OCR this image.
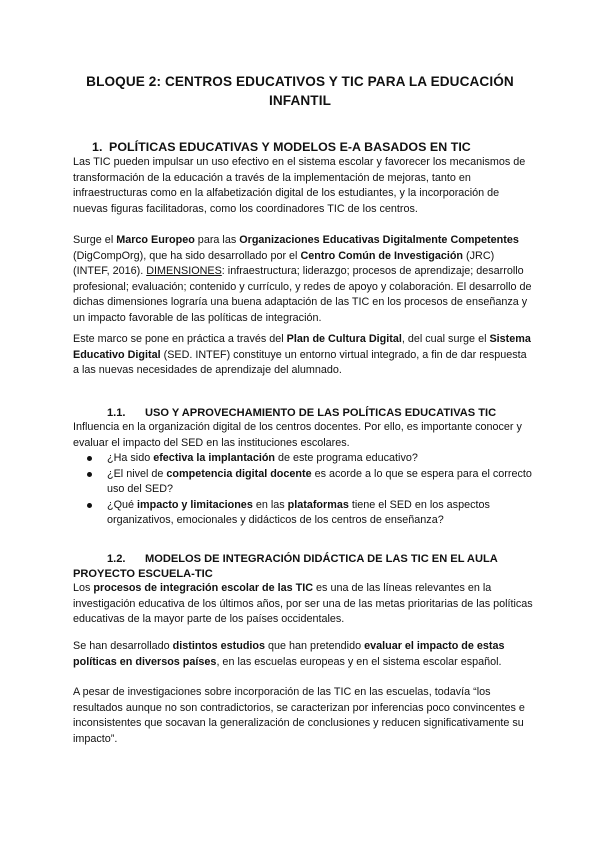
BLOQUE 2: CENTROS EDUCATIVOS Y TIC PARA LA EDUCACIÓN
INFANTIL
1. POLÍTICAS EDUCATIVAS Y MODELOS E-A BASADOS EN TIC

Las TIC pueden impulsar un uso efectivo en el sistema escolar y favorecer los mecanismos de transformación de la educación a través de la implementación de mejoras, tanto en infraestructuras como en la alfabetización digital de los estudiantes, y la incorporación de nuevas figuras facilitadoras, como los coordinadores TIC de los centros.

Surge el Marco Europeo para las Organizaciones Educativas Digitalmente Competentes (DigCompOrg), que ha sido desarrollado por el Centro Común de Investigación (JRC) (INTEF, 2016). DIMENSIONES: infraestructura; liderazgo; procesos de aprendizaje; desarrollo profesional; evaluación; contenido y currículo, y redes de apoyo y colaboración. El desarrollo de dichas dimensiones lograría una buena adaptación de las TIC en los procesos de enseñanza y un impacto favorable de las políticas de integración.

Este marco se pone en práctica a través del Plan de Cultura Digital, del cual surge el Sistema Educativo Digital (SED. INTEF) constituye un entorno virtual integrado, a fin de dar respuesta a las nuevas necesidades de aprendizaje del alumnado.

1.1. USO Y APROVECHAMIENTO DE LAS POLÍTICAS EDUCATIVAS TIC

Influencia en la organización digital de los centros docentes. Por ello, es importante conocer y evaluar el impacto del SED en las instituciones escolares.

¿Ha sido efectiva la implantación de este programa educativo?
¿El nivel de competencia digital docente es acorde a lo que se espera para el correcto uso del SED?
¿Qué impacto y limitaciones en las plataformas tiene el SED en los aspectos organizativos, emocionales y didácticos de los centros de enseñanza?
1.2. MODELOS DE INTEGRACIÓN DIDÁCTICA DE LAS TIC EN EL AULA
PROYECTO ESCUELA-TIC

Los procesos de integración escolar de las TIC es una de las líneas relevantes en la investigación educativa de los últimos años, por ser una de las metas prioritarias de las políticas educativas de la mayor parte de los países occidentales.

Se han desarrollado distintos estudios que han pretendido evaluar el impacto de estas políticas en diversos países, en las escuelas europeas y en el sistema escolar español.

A pesar de investigaciones sobre incorporación de las TIC en las escuelas, todavía “los resultados aunque no son contradictorios, se caracterizan por inferencias poco convincentes e inconsistentes que socavan la generalización de conclusiones y reducen significativamente su impacto”.
